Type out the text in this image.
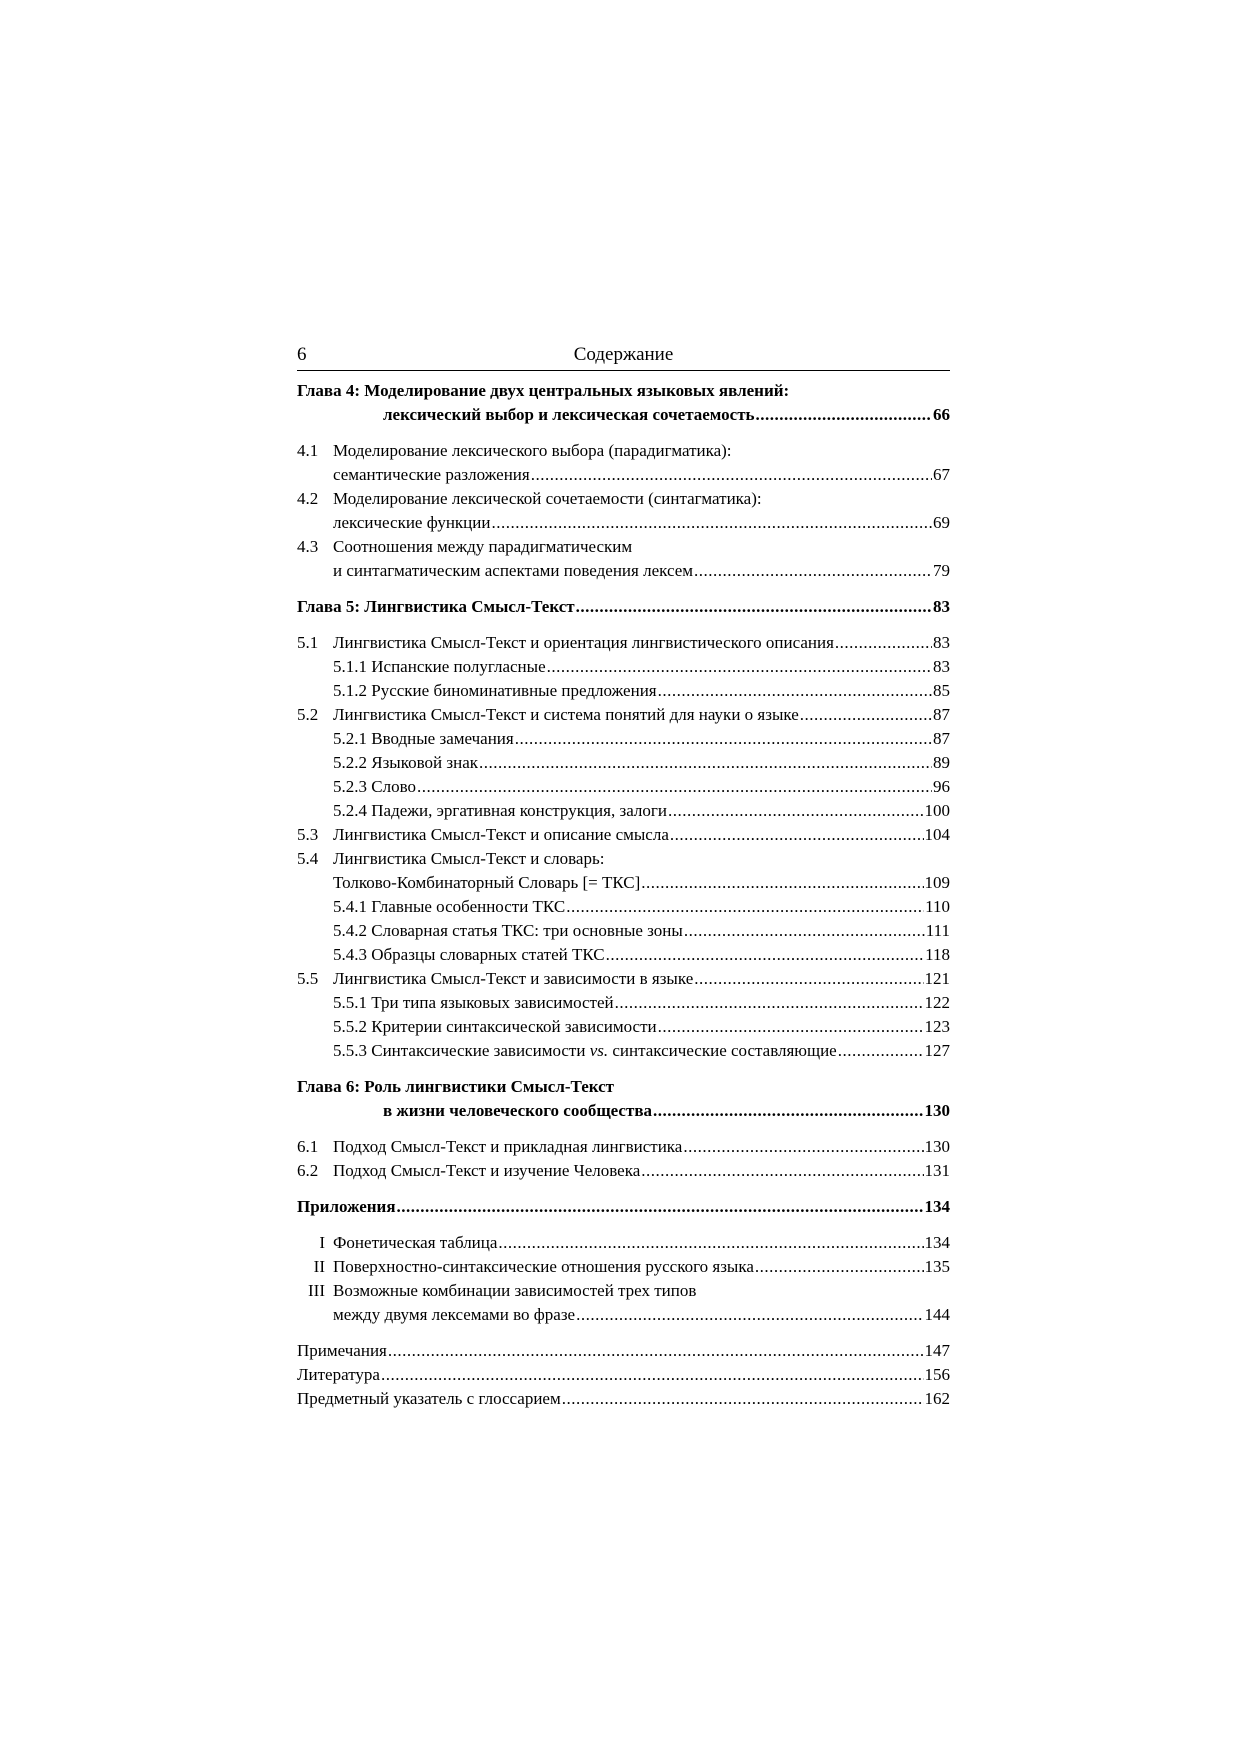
6	Содержание
Глава 4: Моделирование двух центральных языковых явлений:
лексический выбор и лексическая сочетаемость .....	66
4.1 Моделирование лексического выбора (парадигматика):
семантические разложения .....	67
4.2 Моделирование лексической сочетаемости (синтагматика):
лексические функции .....	69
4.3 Соотношения между парадигматическим
и синтагматическим аспектами поведения лексем .....	79
Глава 5: Лингвистика Смысл-Текст .....	83
5.1 Лингвистика Смысл-Текст и ориентация лингвистического описания .....	83
5.1.1 Испанские полугласные .....	83
5.1.2 Русские биноминативные предложения .....	85
5.2 Лингвистика Смысл-Текст и система понятий для науки о языке .....	87
5.2.1 Вводные замечания .....	87
5.2.2 Языковой знак .....	89
5.2.3 Слово .....	96
5.2.4 Падежи, эргативная конструкция, залоги .....	100
5.3 Лингвистика Смысл-Текст и описание смысла .....	104
5.4 Лингвистика Смысл-Текст и словарь:
Толково-Комбинаторный Словарь [= ТКС] .....	109
5.4.1 Главные особенности ТКС .....	110
5.4.2 Словарная статья ТКС: три основные зоны .....	111
5.4.3 Образцы словарных статей ТКС .....	118
5.5 Лингвистика Смысл-Текст и зависимости в языке .....	121
5.5.1 Три типа языковых зависимостей .....	122
5.5.2 Критерии синтаксической зависимости .....	123
5.5.3 Синтаксические зависимости vs. синтаксические составляющие .....	127
Глава 6: Роль лингвистики Смысл-Текст
в жизни человеческого сообщества .....	130
6.1 Подход Смысл-Текст и прикладная лингвистика .....	130
6.2 Подход Смысл-Текст и изучение Человека .....	131
Приложения .....	134
I Фонетическая таблица .....	134
II Поверхностно-синтаксические отношения русского языка .....	135
III Возможные комбинации зависимостей трех типов
между двумя лексемами во фразе .....	144
Примечания .....	147
Литература .....	156
Предметный указатель с глоссарием .....	162
